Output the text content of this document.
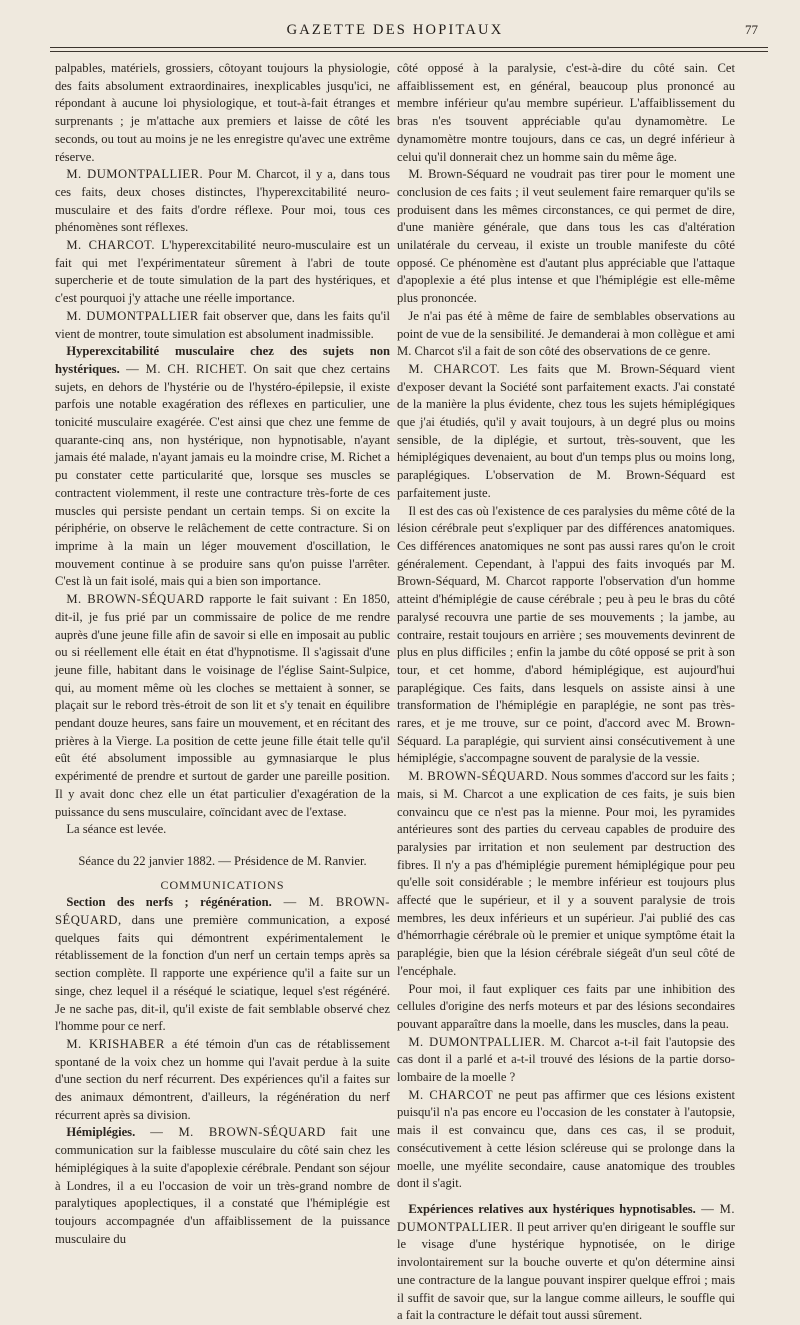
GAZETTE DES HOPITAUX	77

palpables, matériels, grossiers, côtoyant toujours la physiologie, des faits absolument extraordinaires, inexplicables jusqu'ici, ne répondant à aucune loi physiologique, et tout-à-fait étranges et surprenants ; je m'attache aux premiers et laisse de côté les seconds, ou tout au moins je ne les enregistre qu'avec une extrême réserve.

M. DUMONTPALLIER. Pour M. Charcot, il y a, dans tous ces faits, deux choses distinctes, l'hyperexcitabilité neuro-musculaire et des faits d'ordre réflexe. Pour moi, tous ces phénomènes sont réflexes.

M. CHARCOT. L'hyperexcitabilité neuro-musculaire est un fait qui met l'expérimentateur sûrement à l'abri de toute supercherie et de toute simulation de la part des hystériques, et c'est pourquoi j'y attache une réelle importance.

M. DUMONTPALLIER fait observer que, dans les faits qu'il vient de montrer, toute simulation est absolument inadmissible.

Hyperexcitabilité musculaire chez des sujets non hystériques. — M. CH. RICHET. On sait que chez certains sujets, en dehors de l'hystérie ou de l'hystéro-épilepsie, il existe parfois une notable exagération des réflexes en particulier, une tonicité musculaire exagérée. C'est ainsi que chez une femme de quarante-cinq ans, non hystérique, non hypnotisable, n'ayant jamais été malade, n'ayant jamais eu la moindre crise, M. Richet a pu constater cette particularité que, lorsque ses muscles se contractent violemment, il reste une contracture très-forte de ces muscles qui persiste pendant un certain temps. Si on excite la périphérie, on observe le relâchement de cette contracture. Si on imprime à la main un léger mouvement d'oscillation, le mouvement continue à se produire sans qu'on puisse l'arrêter. C'est là un fait isolé, mais qui a bien son importance.

M. BROWN-SÉQUARD rapporte le fait suivant : En 1850, dit-il, je fus prié par un commissaire de police de me rendre auprès d'une jeune fille afin de savoir si elle en imposait au public ou si réellement elle était en état d'hypnotisme. Il s'agissait d'une jeune fille, habitant dans le voisinage de l'église Saint-Sulpice, qui, au moment même où les cloches se mettaient à sonner, se plaçait sur le rebord très-étroit de son lit et s'y tenait en équilibre pendant douze heures, sans faire un mouvement, et en récitant des prières à la Vierge. La position de cette jeune fille était telle qu'il eût été absolument impossible au gymnasiarque le plus expérimenté de prendre et surtout de garder une pareille position. Il y avait donc chez elle un état particulier d'exagération de la puissance du sens musculaire, coïncidant avec de l'extase.

La séance est levée.

Séance du 22 janvier 1882. — Présidence de M. Ranvier.
COMMUNICATIONS

Section des nerfs ; régénération. — M. BROWN-SÉQUARD, dans une première communication, a exposé quelques faits qui démontrent expérimentalement le rétablissement de la fonction d'un nerf un certain temps après sa section complète. Il rapporte une expérience qu'il a faite sur un singe, chez lequel il a réséqué le sciatique, lequel s'est régénéré. Je ne sache pas, dit-il, qu'il existe de fait semblable observé chez l'homme pour ce nerf.

M. KRISHABER a été témoin d'un cas de rétablissement spontané de la voix chez un homme qui l'avait perdue à la suite d'une section du nerf récurrent. Des expériences qu'il a faites sur des animaux démontrent, d'ailleurs, la régénération du nerf récurrent après sa division.

Hémiplégies. — M. BROWN-SÉQUARD fait une communication sur la faiblesse musculaire du côté sain chez les hémiplégiques à la suite d'apoplexie cérébrale. Pendant son séjour à Londres, il a eu l'occasion de voir un très-grand nombre de paralytiques apoplectiques, il a constaté que l'hémiplégie est toujours accompagnée d'un affaiblissement de la puissance musculaire du

côté opposé à la paralysie, c'est-à-dire du côté sain. Cet affaiblissement est, en général, beaucoup plus prononcé au membre inférieur qu'au membre supérieur. L'affaiblissement du bras n'es tsouvent appréciable qu'au dynamomètre. Le dynamomètre montre toujours, dans ce cas, un degré inférieur à celui qu'il donnerait chez un homme sain du même âge.

M. Brown-Séquard ne voudrait pas tirer pour le moment une conclusion de ces faits ; il veut seulement faire remarquer qu'ils se produisent dans les mêmes circonstances, ce qui permet de dire, d'une manière générale, que dans tous les cas d'altération unilatérale du cerveau, il existe un trouble manifeste du côté opposé. Ce phénomène est d'autant plus appréciable que l'attaque d'apoplexie a été plus intense et que l'hémiplégie est elle-même plus prononcée.

Je n'ai pas été à même de faire de semblables observations au point de vue de la sensibilité. Je demanderai à mon collègue et ami M. Charcot s'il a fait de son côté des observations de ce genre.

M. CHARCOT. Les faits que M. Brown-Séquard vient d'exposer devant la Société sont parfaitement exacts. J'ai constaté de la manière la plus évidente, chez tous les sujets hémiplégiques que j'ai étudiés, qu'il y avait toujours, à un degré plus ou moins sensible, de la diplégie, et surtout, très-souvent, que les hémiplégiques devenaient, au bout d'un temps plus ou moins long, paraplégiques. L'observation de M. Brown-Séquard est parfaitement juste.

Il est des cas où l'existence de ces paralysies du même côté de la lésion cérébrale peut s'expliquer par des différences anatomiques. Ces différences anatomiques ne sont pas aussi rares qu'on le croit généralement. Cependant, à l'appui des faits invoqués par M. Brown-Séquard, M. Charcot rapporte l'observation d'un homme atteint d'hémiplégie de cause cérébrale ; peu à peu le bras du côté paralysé recouvra une partie de ses mouvements ; la jambe, au contraire, restait toujours en arrière ; ses mouvements devinrent de plus en plus difficiles ; enfin la jambe du côté opposé se prit à son tour, et cet homme, d'abord hémiplégique, est aujourd'hui paraplégique. Ces faits, dans lesquels on assiste ainsi à une transformation de l'hémiplégie en paraplégie, ne sont pas très-rares, et je me trouve, sur ce point, d'accord avec M. Brown-Séquard. La paraplégie, qui survient ainsi consécutivement à une hémiplégie, s'accompagne souvent de paralysie de la vessie.

M. BROWN-SÉQUARD. Nous sommes d'accord sur les faits ; mais, si M. Charcot a une explication de ces faits, je suis bien convaincu que ce n'est pas la mienne. Pour moi, les pyramides antérieures sont des parties du cerveau capables de produire des paralysies par irritation et non seulement par destruction des fibres. Il n'y a pas d'hémiplégie purement hémiplégique pour peu qu'elle soit considérable ; le membre inférieur est toujours plus affecté que le supérieur, et il y a souvent paralysie de trois membres, les deux inférieurs et un supérieur. J'ai publié des cas d'hémorrhagie cérébrale où le premier et unique symptôme était la paraplégie, bien que la lésion cérébrale siégeât d'un seul côté de l'encéphale.

Pour moi, il faut expliquer ces faits par une inhibition des cellules d'origine des nerfs moteurs et par des lésions secondaires pouvant apparaître dans la moelle, dans les muscles, dans la peau.

M. DUMONTPALLIER. M. Charcot a-t-il fait l'autopsie des cas dont il a parlé et a-t-il trouvé des lésions de la partie dorso-lombaire de la moelle ?

M. CHARCOT ne peut pas affirmer que ces lésions existent puisqu'il n'a pas encore eu l'occasion de les constater à l'autopsie, mais il est convaincu que, dans ces cas, il se produit, consécutivement à cette lésion scléreuse qui se prolonge dans la moelle, une myélite secondaire, cause anatomique des troubles dont il s'agit.

Expériences relatives aux hystériques hypnotisables. — M. DUMONTPALLIER. Il peut arriver qu'en dirigeant le souffle sur le visage d'une hystérique hypnotisée, on le dirige involontairement sur la bouche ouverte et qu'on détermine ainsi une contracture de la langue pouvant inspirer quelque effroi ; mais il suffit de savoir que, sur la langue comme ailleurs, le souffle qui a fait la contracture le défait tout aussi sûrement.
